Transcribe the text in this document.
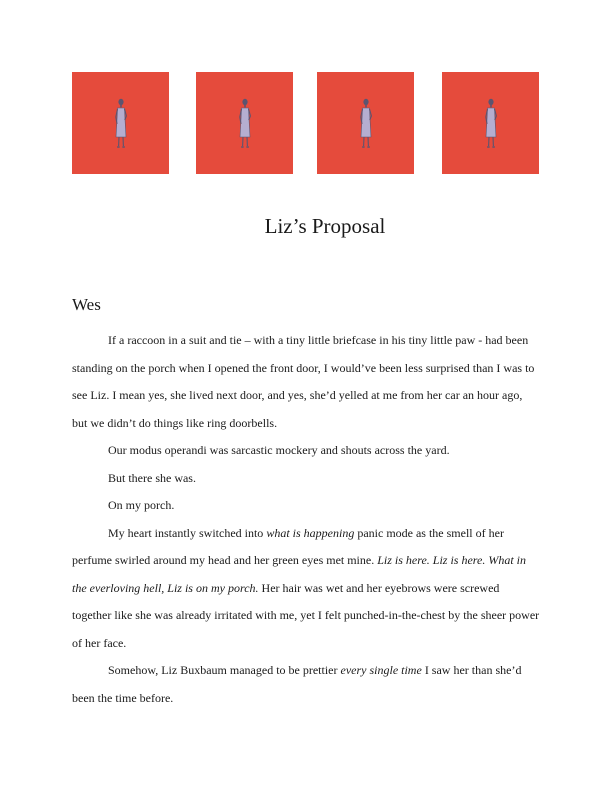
Liz’s Proposal
Wes

If a raccoon in a suit and tie – with a tiny little briefcase in his tiny little paw - had been standing on the porch when I opened the front door, I would’ve been less surprised than I was to see Liz. I mean yes, she lived next door, and yes, she’d yelled at me from her car an hour ago, but we didn’t do things like ring doorbells.

Our modus operandi was sarcastic mockery and shouts across the yard.

But there she was.

On my porch.

My heart instantly switched into what is happening panic mode as the smell of her perfume swirled around my head and her green eyes met mine. Liz is here. Liz is here. What in the everloving hell, Liz is on my porch. Her hair was wet and her eyebrows were screwed together like she was already irritated with me, yet I felt punched-in-the-chest by the sheer power of her face.

Somehow, Liz Buxbaum managed to be prettier every single time I saw her than she’d been the time before.
